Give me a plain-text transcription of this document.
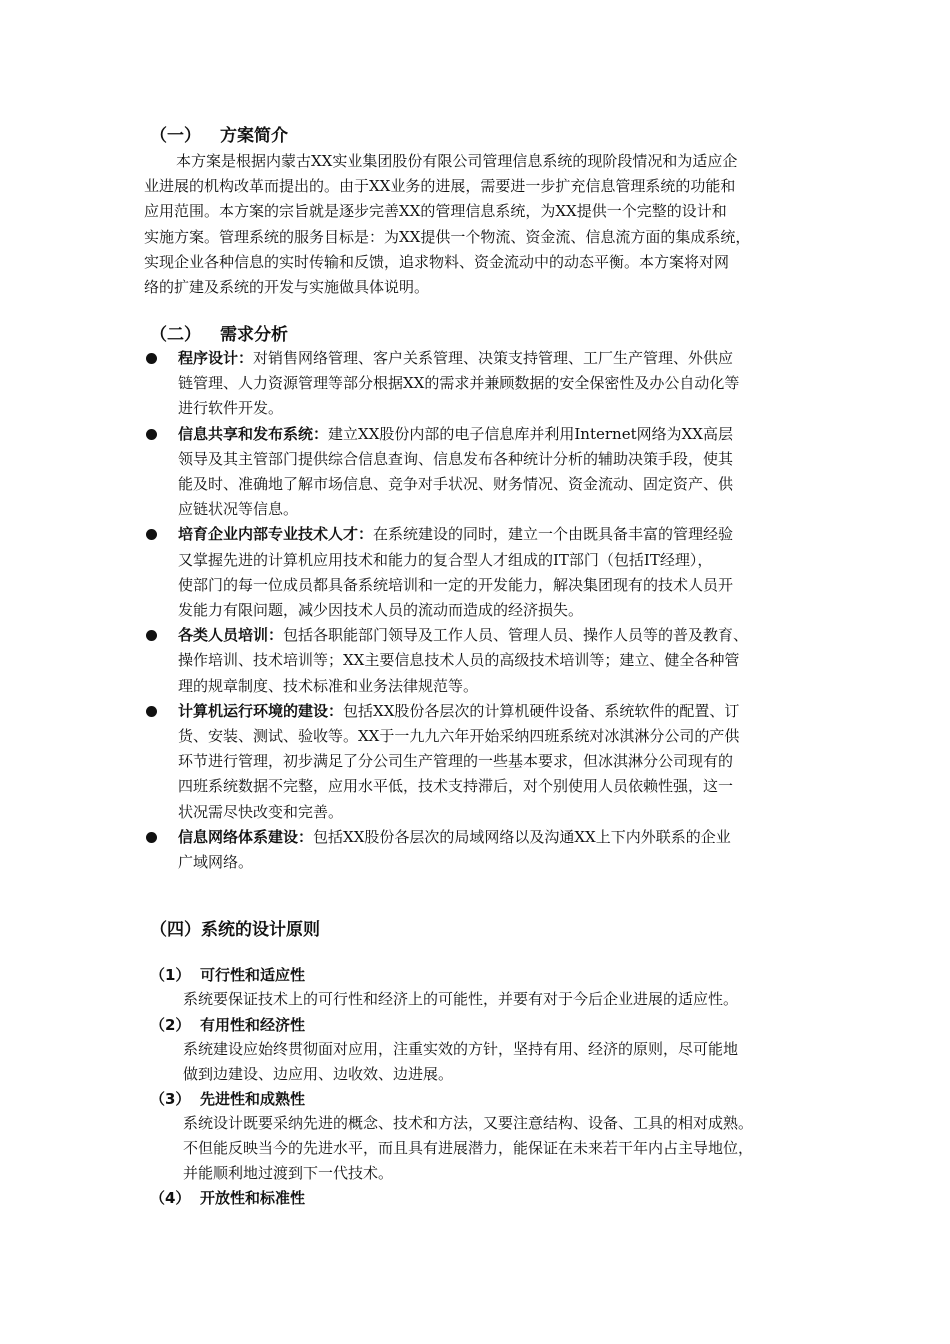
（一） 方案简介
本方案是根据内蒙古XX实业集团股份有限公司管理信息系统的现阶段情况和为适应企
业进展的机构改革而提出的。由于XX业务的进展，需要进一步扩充信息管理系统的功能和
应用范围。本方案的宗旨就是逐步完善XX的管理信息系统，为XX提供一个完整的设计和
实施方案。管理系统的服务目标是：为XX提供一个物流、资金流、信息流方面的集成系统，
实现企业各种信息的实时传输和反馈，追求物料、资金流动中的动态平衡。本方案将对网
络的扩建及系统的开发与实施做具体说明。
（二） 需求分析
程序设计：对销售网络管理、客户关系管理、决策支持管理、工厂生产管理、外供应
链管理、人力资源管理等部分根据XX的需求并兼顾数据的安全保密性及办公自动化等
进行软件开发。
信息共享和发布系统：建立XX股份内部的电子信息库并利用Internet网络为XX高层
领导及其主管部门提供综合信息查询、信息发布各种统计分析的辅助决策手段，使其
能及时、准确地了解市场信息、竞争对手状况、财务情况、资金流动、固定资产、供
应链状况等信息。
培育企业内部专业技术人才：在系统建设的同时，建立一个由既具备丰富的管理经验
又掌握先进的计算机应用技术和能力的复合型人才组成的IT部门（包括IT经理），
使部门的每一位成员都具备系统培训和一定的开发能力，解决集团现有的技术人员开
发能力有限问题，减少因技术人员的流动而造成的经济损失。
各类人员培训：包括各职能部门领导及工作人员、管理人员、操作人员等的普及教育、
操作培训、技术培训等；XX主要信息技术人员的高级技术培训等；建立、健全各种管
理的规章制度、技术标准和业务法律规范等。
计算机运行环境的建设：包括XX股份各层次的计算机硬件设备、系统软件的配置、订
货、安装、测试、验收等。XX于一九九六年开始采纳四班系统对冰淇淋分公司的产供
环节进行管理，初步满足了分公司生产管理的一些基本要求，但冰淇淋分公司现有的
四班系统数据不完整，应用水平低，技术支持滞后，对个别使用人员依赖性强，这一
状况需尽快改变和完善。
信息网络体系建设：包括XX股份各层次的局域网络以及沟通XX上下内外联系的企业
广域网络。
（四）系统的设计原则
（1） 可行性和适应性
系统要保证技术上的可行性和经济上的可能性，并要有对于今后企业进展的适应性。
（2） 有用性和经济性
系统建设应始终贯彻面对应用，注重实效的方针，坚持有用、经济的原则，尽可能地
做到边建设、边应用、边收效、边进展。
（3） 先进性和成熟性
系统设计既要采纳先进的概念、技术和方法，又要注意结构、设备、工具的相对成熟。
不但能反映当今的先进水平，而且具有进展潜力，能保证在未来若干年内占主导地位，
并能顺利地过渡到下一代技术。
（4） 开放性和标准性
